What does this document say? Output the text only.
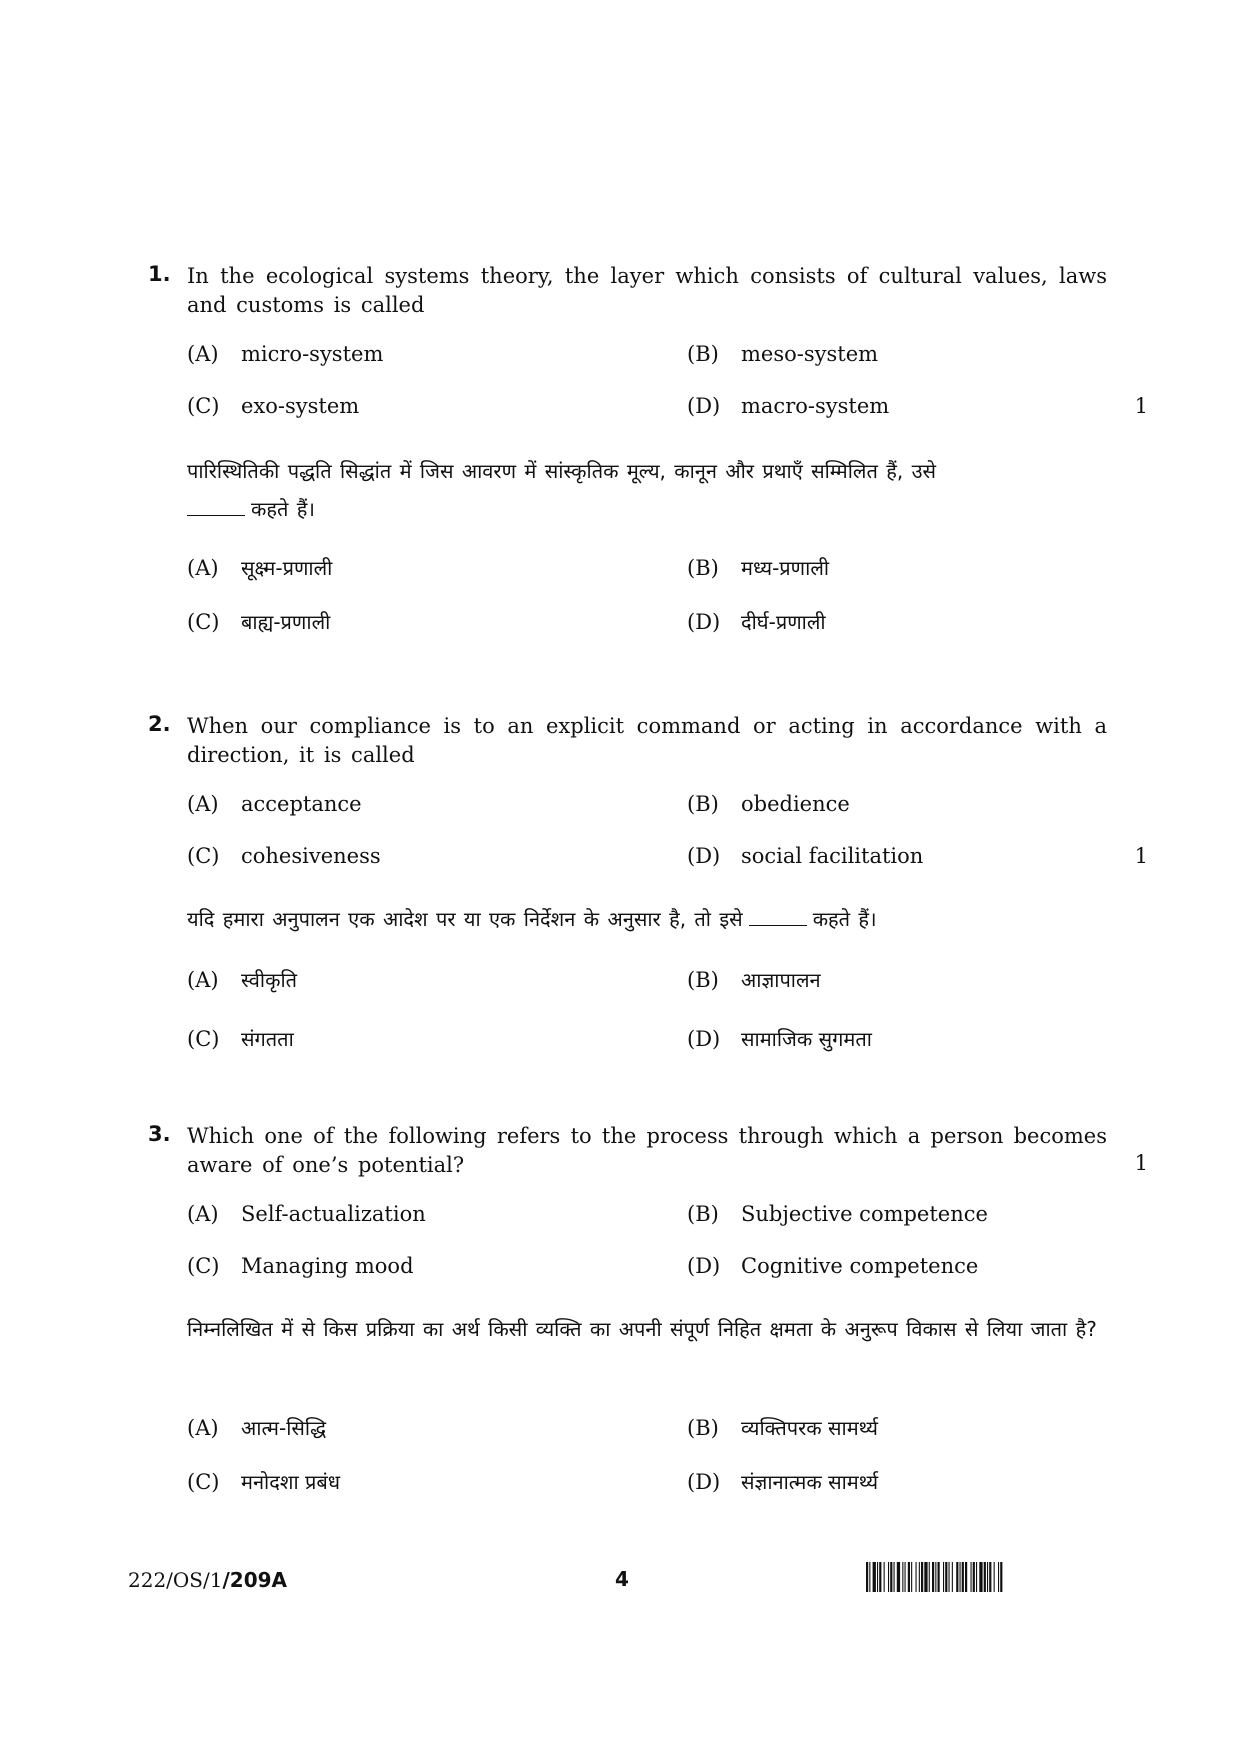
1. In the ecological systems theory, the layer which consists of cultural values, laws and customs is called
(A) micro-system	(B) meso-system
(C) exo-system	(D) macro-system	1
पारिस्थितिकी पद्धति सिद्धांत में जिस आवरण में सांस्कृतिक मूल्य, कानून और प्रथाएँ सम्मिलित हैं, उसे
कहते हैं।
(A) सूक्ष्म-प्रणाली	(B) मध्य-प्रणाली
(C) बाह्य-प्रणाली	(D) दीर्घ-प्रणाली
2. When our compliance is to an explicit command or acting in accordance with a direction, it is called
(A) acceptance	(B) obedience
(C) cohesiveness	(D) social facilitation	1
यदि हमारा अनुपालन एक आदेश पर या एक निर्देशन के अनुसार है, तो इसे	कहते हैं।
(A) स्वीकृति	(B) आज्ञापालन
(C) संगतता	(D) सामाजिक सुगमता
3. Which one of the following refers to the process through which a person becomes aware of one’s potential?	1
(A) Self-actualization	(B) Subjective competence
(C) Managing mood	(D) Cognitive competence
निम्नलिखित में से किस प्रक्रिया का अर्थ किसी व्यक्ति का अपनी संपूर्ण निहित क्षमता के अनुरूप विकास से लिया जाता है?
(A) आत्म-सिद्धि	(B) व्यक्तिपरक सामर्थ्य
(C) मनोदशा प्रबंध	(D) संज्ञानात्मक सामर्थ्य
222/OS/1/209A	4
